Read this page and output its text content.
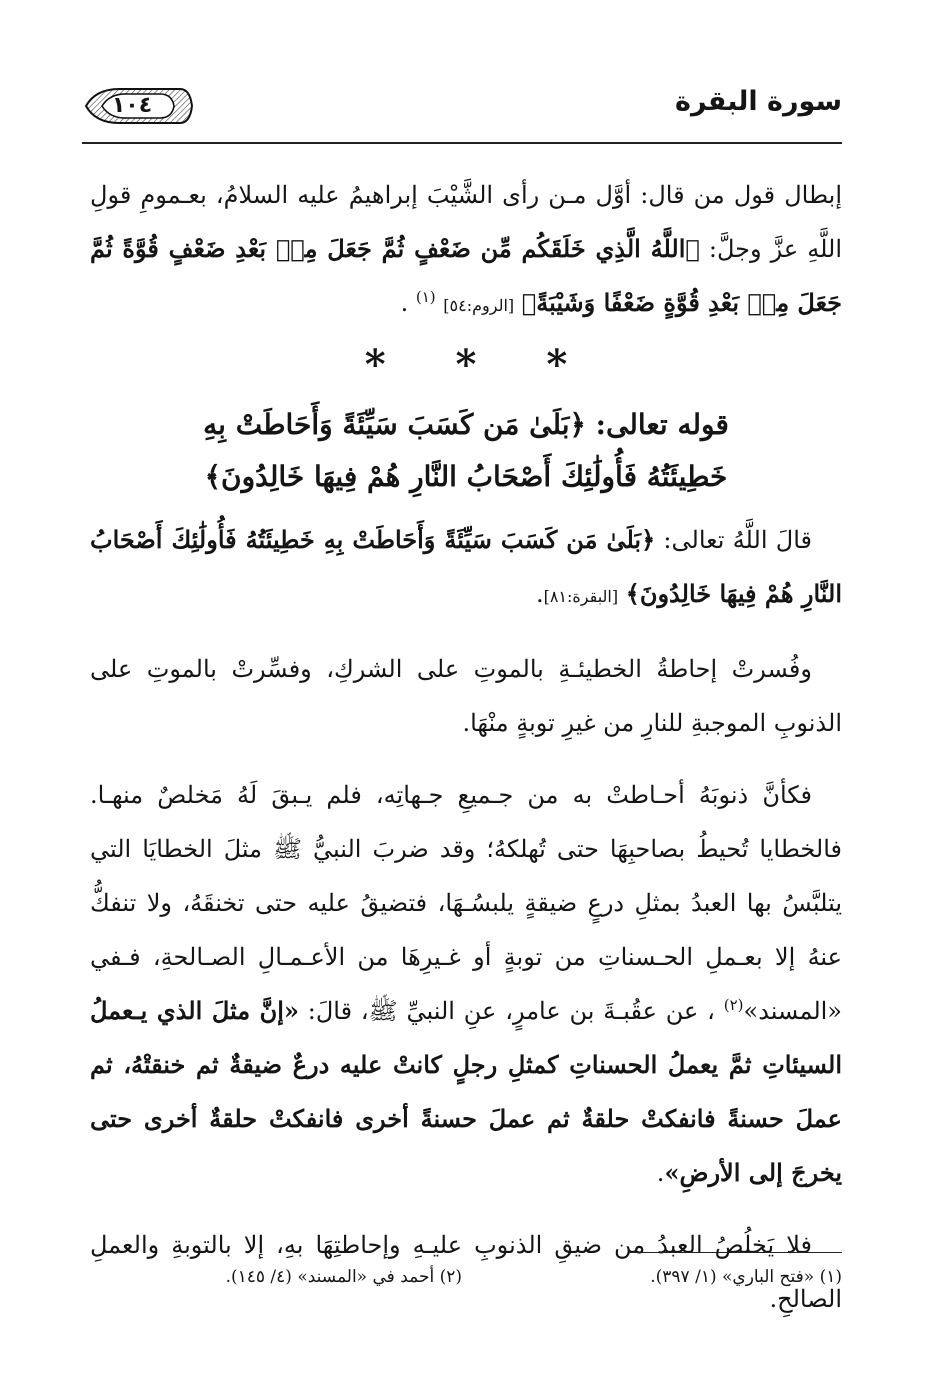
سورة البقرة
١٠٤

إبطال قول من قال: أوَّل مـن رأى الشَّيْبَ إبراهيمُ عليه السلامُ، بعـمومِ قولِ اللَّهِ عزَّ وجلَّ: ﴿اللَّهُ الَّذِي خَلَقَكُم مِّن ضَعْفٍ ثُمَّ جَعَلَ مِنۢ بَعْدِ ضَعْفٍ قُوَّةً ثُمَّ جَعَلَ مِنۢ بَعْدِ قُوَّةٍ ضَعْفًا وَشَيْبَةً﴾ [الروم:٥٤] $^{(١)}$ .

* * *
قوله تعالى: ﴿بَلَىٰ مَن كَسَبَ سَيِّئَةً وَأَحَاطَتْ بِهِ
خَطِيئَتُهُ فَأُولَٰئِكَ أَصْحَابُ النَّارِ هُمْ فِيهَا خَالِدُونَ﴾

قالَ اللَّهُ تعالى: ﴿بَلَىٰ مَن كَسَبَ سَيِّئَةً وَأَحَاطَتْ بِهِ خَطِيئَتُهُ فَأُولَٰئِكَ أَصْحَابُ النَّارِ هُمْ فِيهَا خَالِدُونَ﴾ [البقرة:٨١].

وفُسرتْ إحاطةُ الخطيئـةِ بالموتِ على الشركِ، وفسِّرتْ بالموتِ على الذنوبِ الموجبةِ للنارِ من غيرِ توبةٍ منْهَا.

فكأنَّ ذنوبَهُ أحـاطتْ به من جـميعِ جـهاتِه، فلم يـبقَ لَهُ مَخلصٌ منهـا. فالخطايا تُحيطُ بصاحبِهَا حتى تُهلكهُ؛ وقد ضربَ النبيُّ ﷺ مثلَ الخطايَا التي يتلبَّسُ بها العبدُ بمثلِ درعٍ ضيقةٍ يلبسُـهَا، فتضيقُ عليه حتى تخنقَهُ، ولا تنفكُّ عنهُ إلا بعـملِ الحـسناتِ من توبةٍ أو غـيرِهَا من الأعـمـالِ الصـالحةِ، فـفي «المسند»$^{(٢)}$ ، عن عقُبـةَ بن عامرٍ، عنِ النبيِّ ﷺ، قالَ: «إنَّ مثلَ الذي يـعملُ السيئاتِ ثمَّ يعملُ الحسناتِ كمثلِ رجلٍ كانتْ عليه درعٌ ضيقةٌ ثم خنقتْهُ، ثم عملَ حسنةً فانفكتْ حلقةٌ ثم عملَ حسنةً أخرى فانفكتْ حلقةٌ أخرى حتى يخرجَ إلى الأرضِ».

فلا يَخلُصُ العبدُ من ضيقِ الذنوبِ عليـهِ وإحاطتِهَا بهِ، إلا بالتوبةِ والعملِ الصالحِ.

(١) «فتح الباري» (١/ ٣٩٧).
(٢) أحمد في «المسند» (٤/ ١٤٥).
